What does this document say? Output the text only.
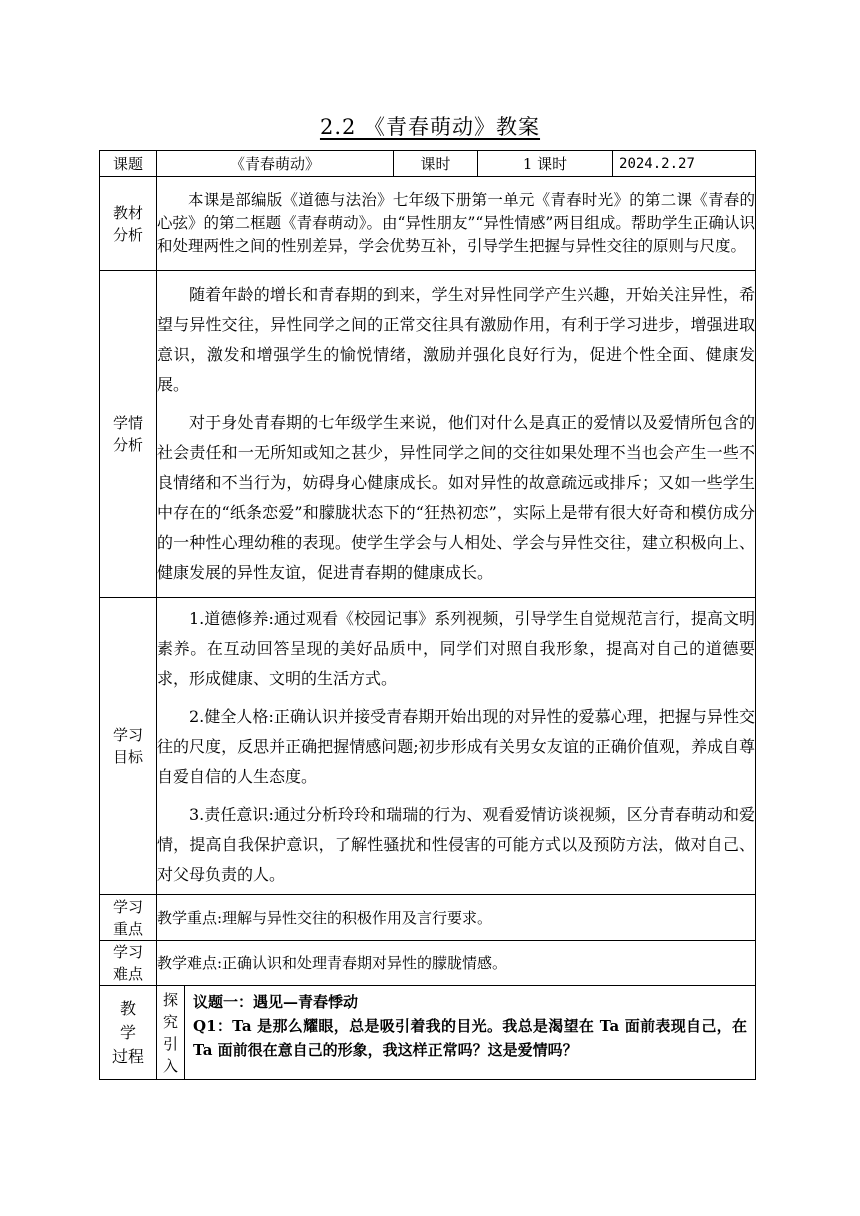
2.2 《青春萌动》教案
课题	《青春萌动》		课时	1 课时	2024.2.27
教材分析	本课是部编版《道德与法治》七年级下册第一单元《青春时光》的第二课《青春的心弦》的第二框题《青春萌动》。由“异性朋友”“异性情感”两目组成。帮助学生正确认识和处理两性之间的性别差异，学会优势互补，引导学生把握与异性交往的原则与尺度。				

学情分析	随着年龄的增长和青春期的到来，学生对异性同学产生兴趣，开始关注异性，希望与异性交往，异性同学之间的正常交往具有激励作用，有利于学习进步，增强进取意识，激发和增强学生的愉悦情绪，激励并强化良好行为，促进个性全面、健康发展。

对于身处青春期的七年级学生来说，他们对什么是真正的爱情以及爱情所包含的社会责任和一无所知或知之甚少，异性同学之间的交往如果处理不当也会产生一些不良情绪和不当行为，妨碍身心健康成长。如对异性的故意疏远或排斥；又如一些学生中存在的“纸条恋爱”和朦胧状态下的“狂热初恋”，实际上是带有很大好奇和模仿成分的一种性心理幼稚的表现。使学生学会与人相处、学会与异性交往，建立积极向上、健康发展的异性友谊，促进青春期的健康成长。				

学习目标	1.道德修养:通过观看《校园记事》系列视频，引导学生自觉规范言行，提高文明素养。在互动回答呈现的美好品质中，同学们对照自我形象，提高对自己的道德要求，形成健康、文明的生活方式。

2.健全人格:正确认识并接受青春期开始出现的对异性的爱慕心理，把握与异性交往的尺度，反思并正确把握情感问题;初步形成有关男女友谊的正确价值观，养成自尊自爱自信的人生态度。

3.责任意识:通过分析玲玲和瑞瑞的行为、观看爱情访谈视频，区分青春萌动和爱情，提高自我保护意识，了解性骚扰和性侵害的可能方式以及预防方法，做对自己、对父母负责的人。				

学习重点	教学重点:理解与异性交往的积极作用及言行要求。				
学习难点	教学难点:正确认识和处理青春期对异性的朦胧情感。				
教 学 过程	探究引入	议题一：遇见—青春悸动
Q1：Ta 是那么耀眼，总是吸引着我的目光。我总是渴望在 Ta 面前表现自己，在 Ta 面前很在意自己的形象，我这样正常吗？这是爱情吗？			
